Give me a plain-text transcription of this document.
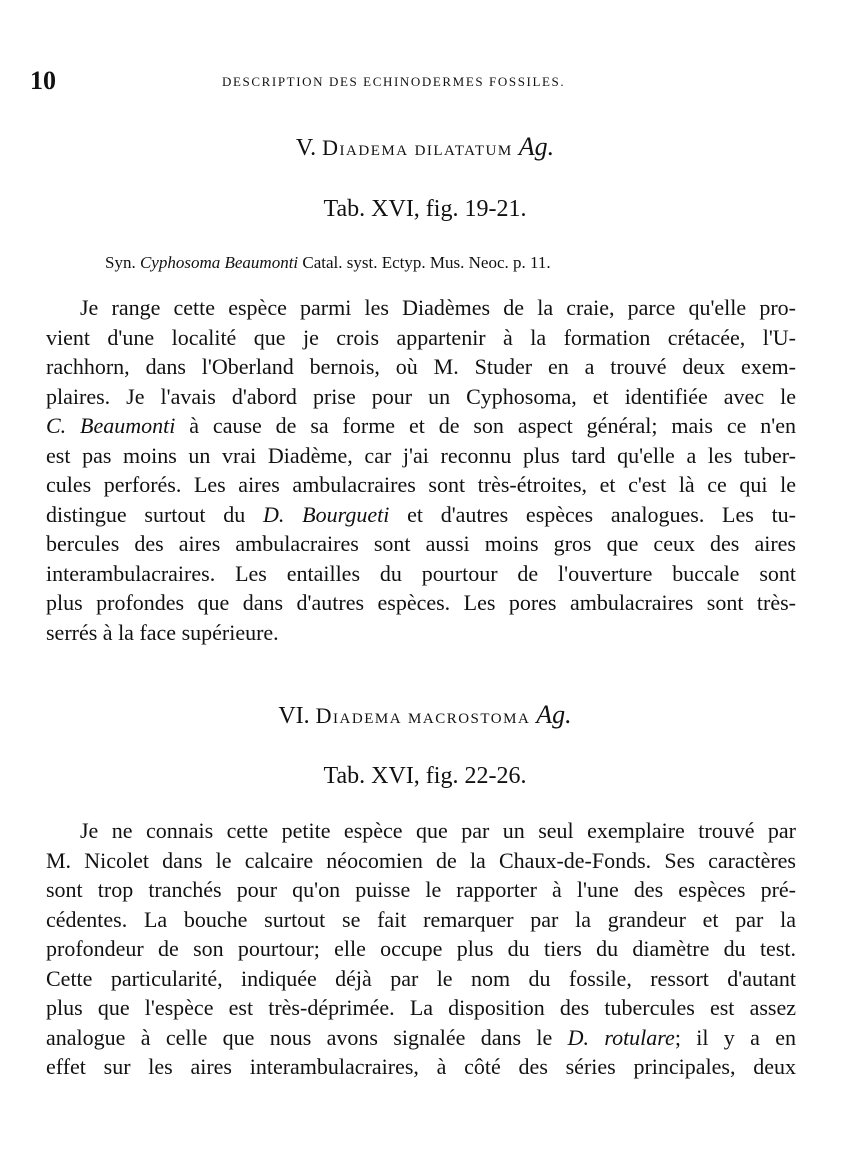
10	DESCRIPTION DES ECHINODERMES FOSSILES.
V. Diadema dilatatum Ag.
Tab. XVI, fig. 19-21.
Syn. Cyphosoma Beaumonti Catal. syst. Ectyp. Mus. Neoc. p. 11.
Je range cette espèce parmi les Diadèmes de la craie, parce qu'elle pro-
vient d'une localité que je crois appartenir à la formation crétacée, l'U-
rachhorn, dans l'Oberland bernois, où M. Studer en a trouvé deux exem-
plaires. Je l'avais d'abord prise pour un Cyphosoma, et identifiée avec le
C. Beaumonti à cause de sa forme et de son aspect général; mais ce n'en
est pas moins un vrai Diadème, car j'ai reconnu plus tard qu'elle a les tuber-
cules perforés. Les aires ambulacraires sont très-étroites, et c'est là ce qui le
distingue surtout du D. Bourgueti et d'autres espèces analogues. Les tu-
bercules des aires ambulacraires sont aussi moins gros que ceux des aires
interambulacraires. Les entailles du pourtour de l'ouverture buccale sont
plus profondes que dans d'autres espèces. Les pores ambulacraires sont très-
serrés à la face supérieure.
VI. Diadema macrostoma Ag.
Tab. XVI, fig. 22-26.
Je ne connais cette petite espèce que par un seul exemplaire trouvé par
M. Nicolet dans le calcaire néocomien de la Chaux-de-Fonds. Ses caractères
sont trop tranchés pour qu'on puisse le rapporter à l'une des espèces pré-
cédentes. La bouche surtout se fait remarquer par la grandeur et par la
profondeur de son pourtour; elle occupe plus du tiers du diamètre du test.
Cette particularité, indiquée déjà par le nom du fossile, ressort d'autant
plus que l'espèce est très-déprimée. La disposition des tubercules est assez
analogue à celle que nous avons signalée dans le D. rotulare; il y a en
effet sur les aires interambulacraires, à côté des séries principales, deux
